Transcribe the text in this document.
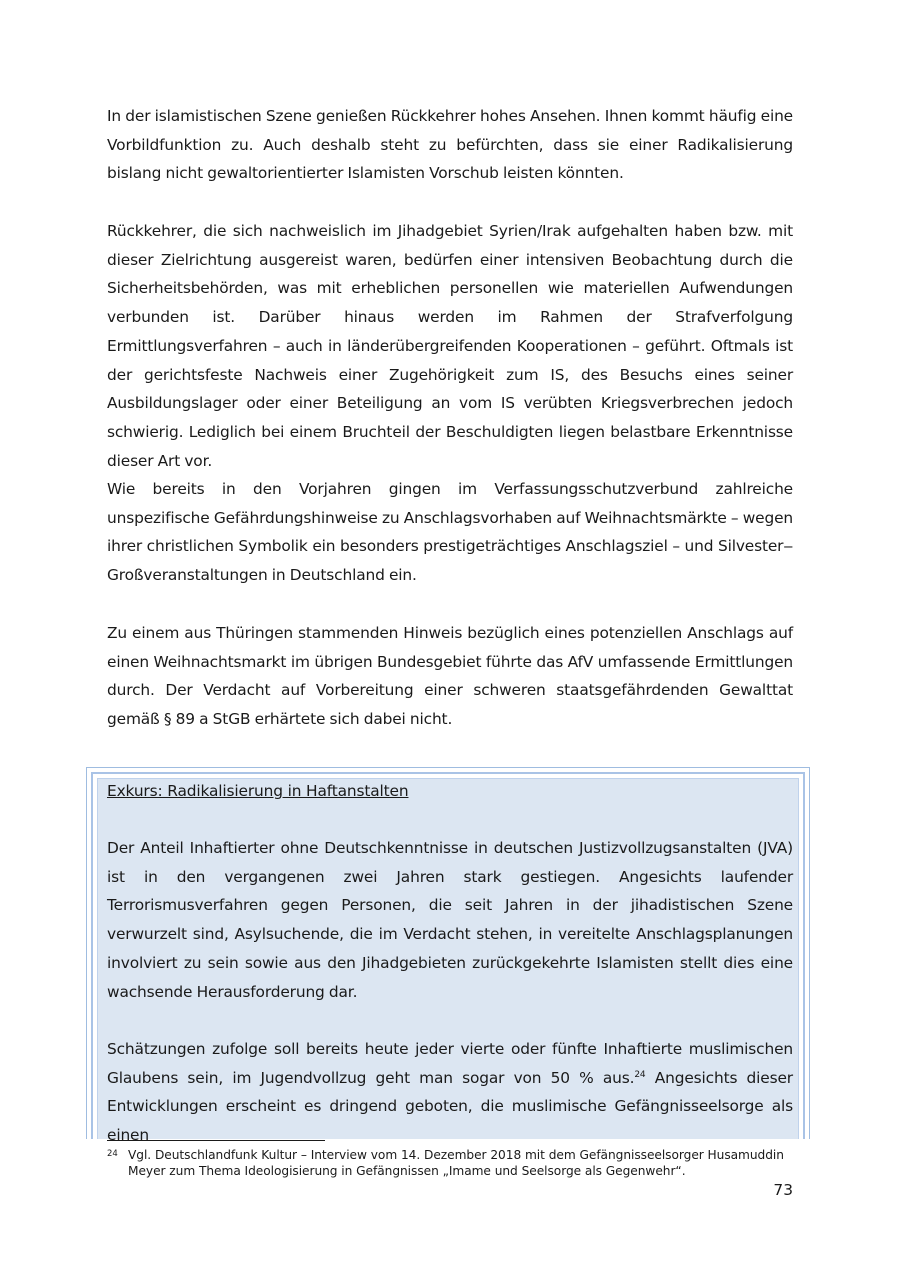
In der islamistischen Szene genießen Rückkehrer hohes Ansehen. Ihnen kommt häufig eine Vorbildfunktion zu. Auch deshalb steht zu befürchten, dass sie einer Radikalisierung bislang nicht gewaltorientierter Islamisten Vorschub leisten könnten.

Rückkehrer, die sich nachweislich im Jihadgebiet Syrien/Irak aufgehalten haben bzw. mit dieser Zielrichtung ausgereist waren, bedürfen einer intensiven Beobachtung durch die Sicherheitsbehörden, was mit erheblichen personellen wie materiellen Aufwendungen verbunden ist. Darüber hinaus werden im Rahmen der Strafverfolgung Ermittlungsverfahren – auch in länderübergreifenden Kooperationen – geführt. Oftmals ist der gerichtsfeste Nachweis einer Zugehörigkeit zum IS, des Besuchs eines seiner Ausbildungslager oder einer Beteiligung an vom IS verübten Kriegsverbrechen jedoch schwierig. Lediglich bei einem Bruchteil der Beschuldigten liegen belastbare Erkenntnisse dieser Art vor.

Wie bereits in den Vorjahren gingen im Verfassungsschutzverbund zahlreiche unspezifische Gefährdungshinweise zu Anschlagsvorhaben auf Weihnachtsmärkte – wegen ihrer christlichen Symbolik ein besonders prestigeträchtiges Anschlagsziel – und Silvester‒Großveranstaltungen in Deutschland ein.

Zu einem aus Thüringen stammenden Hinweis bezüglich eines potenziellen Anschlags auf einen Weihnachtsmarkt im übrigen Bundesgebiet führte das AfV umfassende Ermittlungen durch. Der Verdacht auf Vorbereitung einer schweren staatsgefährdenden Gewalttat gemäß § 89 a StGB erhärtete sich dabei nicht.

Exkurs: Radikalisierung in Haftanstalten

Der Anteil Inhaftierter ohne Deutschkenntnisse in deutschen Justizvollzugsanstalten (JVA) ist in den vergangenen zwei Jahren stark gestiegen. Angesichts laufender Terrorismusverfahren gegen Personen, die seit Jahren in der jihadistischen Szene verwurzelt sind, Asylsuchende, die im Verdacht stehen, in vereitelte Anschlagsplanungen involviert zu sein sowie aus den Jihadgebieten zurückgekehrte Islamisten stellt dies eine wachsende Herausforderung dar.

Schätzungen zufolge soll bereits heute jeder vierte oder fünfte Inhaftierte muslimischen Glaubens sein, im Jugendvollzug geht man sogar von 50 % aus.$^{24}$ Angesichts dieser Entwicklungen erscheint es dringend geboten, die muslimische Gefängnisseelsorge als einen

24 Vgl. Deutschlandfunk Kultur – Interview vom 14. Dezember 2018 mit dem Gefängnisseelsorger Husamuddin Meyer zum Thema Ideologisierung in Gefängnissen „Imame und Seelsorge als Gegenwehr“.
73
